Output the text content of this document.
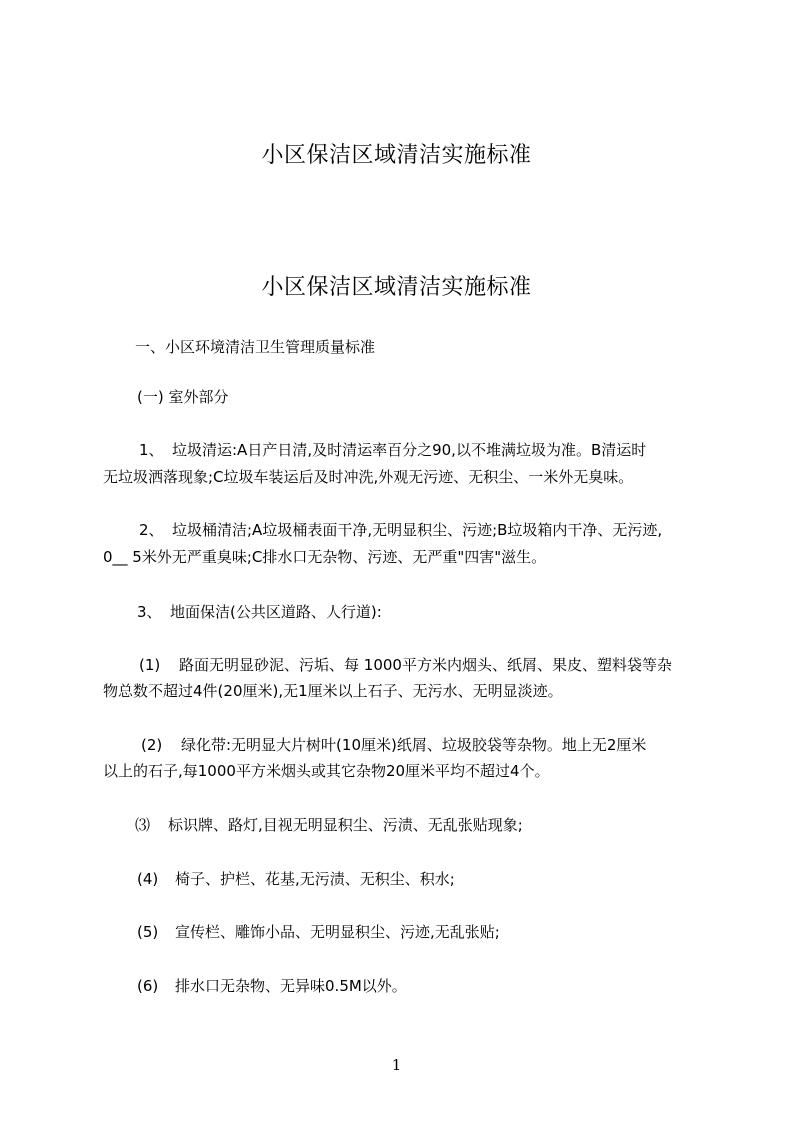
小区保洁区域清洁实施标准
小区保洁区域清洁实施标准
一、小区环境清洁卫生管理质量标准
(一) 室外部分
1、 垃圾清运:A日产日清,及时清运率百分之90,以不堆满垃圾为准。B清运时
无垃圾洒落现象;C垃圾车装运后及时冲洗,外观无污迹、无积尘、一米外无臭味。
2、 垃圾桶清洁;A垃圾桶表面干净,无明显积尘、污迹;B垃圾箱内干净、无污迹,
0__ 5米外无严重臭味;C排水口无杂物、污迹、无严重"四害"滋生。
3、 地面保洁(公共区道路、人行道):
(1) 路面无明显砂泥、污垢、每 1000平方米内烟头、纸屑、果皮、塑料袋等杂
物总数不超过4件(20厘米),无1厘米以上石子、无污水、无明显淡迹。
(2) 绿化带:无明显大片树叶(10厘米)纸屑、垃圾胶袋等杂物。地上无2厘米
以上的石子,每1000平方米烟头或其它杂物20厘米平均不超过4个。
⑶ 标识牌、路灯,目视无明显积尘、污渍、无乱张贴现象;
(4) 椅子、护栏、花基,无污渍、无积尘、积水;
(5) 宣传栏、雕饰小品、无明显积尘、污迹,无乱张贴;
(6) 排水口无杂物、无异味0.5M以外。
1
